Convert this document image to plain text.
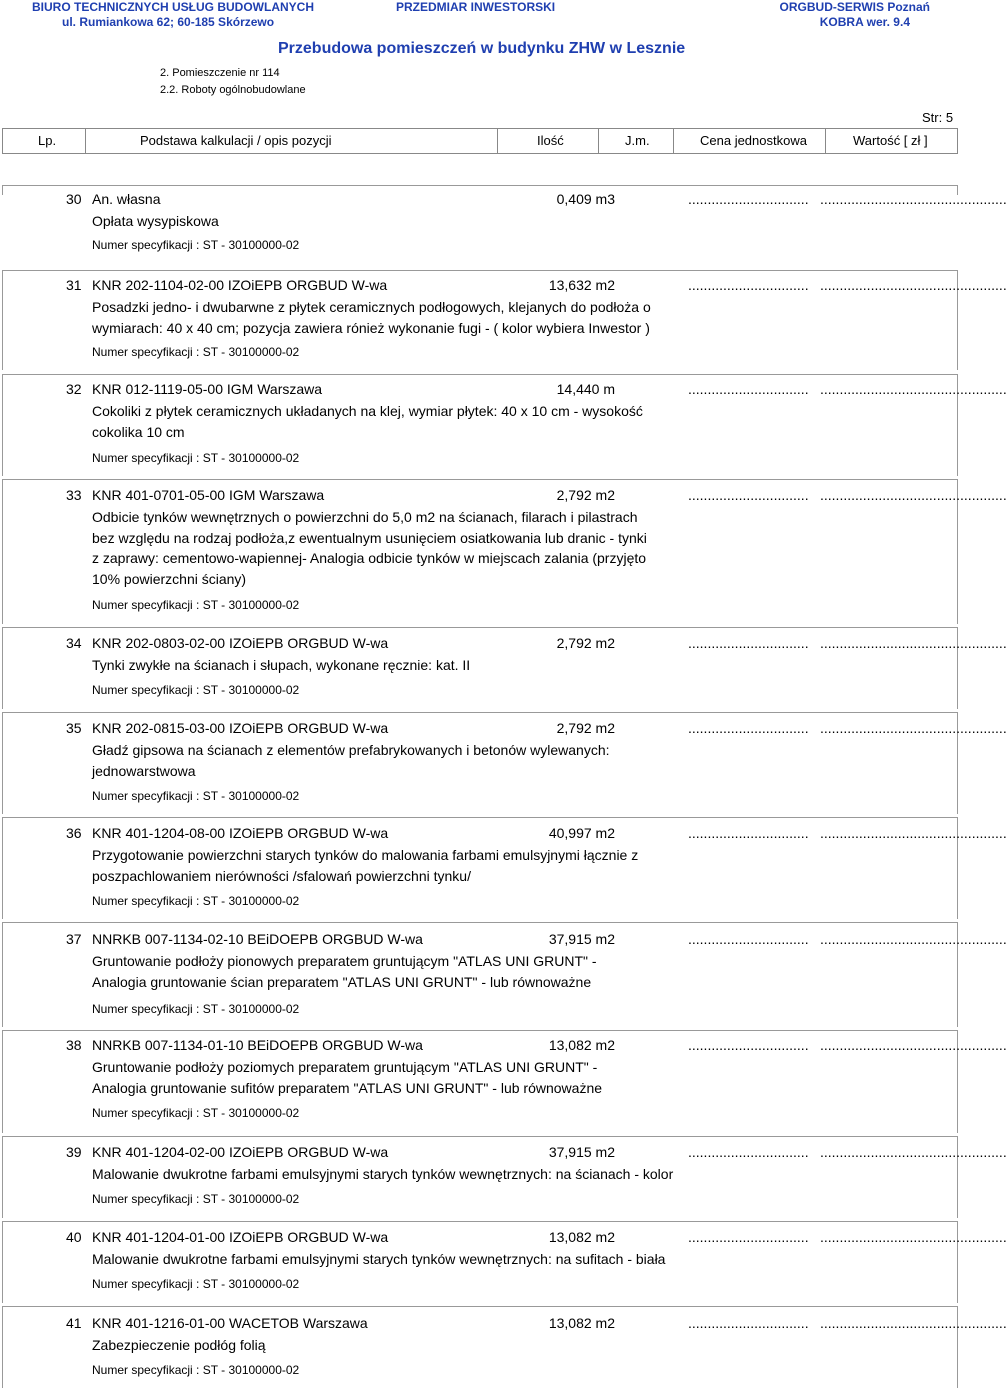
BIURO TECHNICZNYCH USŁUG BUDOWLANYCH
ul. Rumiankowa 62; 60-185 Skórzewo
PRZEDMIAR INWESTORSKI	ORGBUD-SERWIS Poznań
KOBRA wer. 9.4
Przebudowa pomieszczeń w budynku ZHW w Lesznie
2. Pomieszczenie nr 114
2.2. Roboty ogólnobudowlane
Str: 5
Lp.	Podstawa kalkulacji / opis pozycji	Ilość	J.m.	Cena jednostkowa	Wartość [ zł ]
30 An. własna	0,409 m3	............................... ................................................
Opłata wysypiskowa
Numer specyfikacji : ST - 30100000-02
31 KNR 202-1104-02-00 IZOiEPB ORGBUD W-wa	13,632 m2	............................... ................................................
Posadzki jedno- i dwubarwne z płytek ceramicznych podłogowych, klejanych do podłoża o wymiarach: 40 x 40 cm; pozycja zawiera rónież wykonanie fugi - ( kolor wybiera Inwestor )
Numer specyfikacji : ST - 30100000-02
32 KNR 012-1119-05-00 IGM Warszawa	14,440 m	............................... ................................................
Cokoliki z płytek ceramicznych układanych na klej, wymiar płytek: 40 x 10 cm - wysokość cokolika 10 cm
Numer specyfikacji : ST - 30100000-02
33 KNR 401-0701-05-00 IGM Warszawa	2,792 m2	............................... ................................................
Odbicie tynków wewnętrznych o powierzchni do 5,0 m2 na ścianach, filarach i pilastrach bez względu na rodzaj podłoża,z ewentualnym usunięciem osiatkowania lub dranic - tynki z zaprawy: cementowo-wapiennej- Analogia odbicie tynków w miejscach zalania (przyjęto 10% powierzchni ściany)
Numer specyfikacji : ST - 30100000-02
34 KNR 202-0803-02-00 IZOiEPB ORGBUD W-wa	2,792 m2	............................... ................................................
Tynki zwykłe na ścianach i słupach, wykonane ręcznie: kat. II
Numer specyfikacji : ST - 30100000-02
35 KNR 202-0815-03-00 IZOiEPB ORGBUD W-wa	2,792 m2	............................... ................................................
Gładź gipsowa na ścianach z elementów prefabrykowanych i betonów wylewanych: jednowarstwowa
Numer specyfikacji : ST - 30100000-02
36 KNR 401-1204-08-00 IZOiEPB ORGBUD W-wa	40,997 m2	............................... ................................................
Przygotowanie powierzchni starych tynków do malowania farbami emulsyjnymi łącznie z poszpachlowaniem nierówności /sfalowań powierzchni tynku/
Numer specyfikacji : ST - 30100000-02
37 NNRKB 007-1134-02-10 BEiDOEPB ORGBUD W-wa	37,915 m2	............................... ................................................
Gruntowanie podłoży pionowych preparatem gruntującym "ATLAS UNI GRUNT" - Analogia gruntowanie ścian preparatem "ATLAS UNI GRUNT" - lub równoważne
Numer specyfikacji : ST - 30100000-02
38 NNRKB 007-1134-01-10 BEiDOEPB ORGBUD W-wa	13,082 m2	............................... ................................................
Gruntowanie podłoży poziomych preparatem gruntującym "ATLAS UNI GRUNT" - Analogia gruntowanie sufitów preparatem "ATLAS UNI GRUNT" - lub równoważne
Numer specyfikacji : ST - 30100000-02
39 KNR 401-1204-02-00 IZOiEPB ORGBUD W-wa	37,915 m2	............................... ................................................
Malowanie dwukrotne farbami emulsyjnymi starych tynków wewnętrznych: na ścianach - kolor
Numer specyfikacji : ST - 30100000-02
40 KNR 401-1204-01-00 IZOiEPB ORGBUD W-wa	13,082 m2	............................... ................................................
Malowanie dwukrotne farbami emulsyjnymi starych tynków wewnętrznych: na sufitach - biała
Numer specyfikacji : ST - 30100000-02
41 KNR 401-1216-01-00 WACETOB Warszawa	13,082 m2	............................... ................................................
Zabezpieczenie podłóg folią
Numer specyfikacji : ST - 30100000-02
